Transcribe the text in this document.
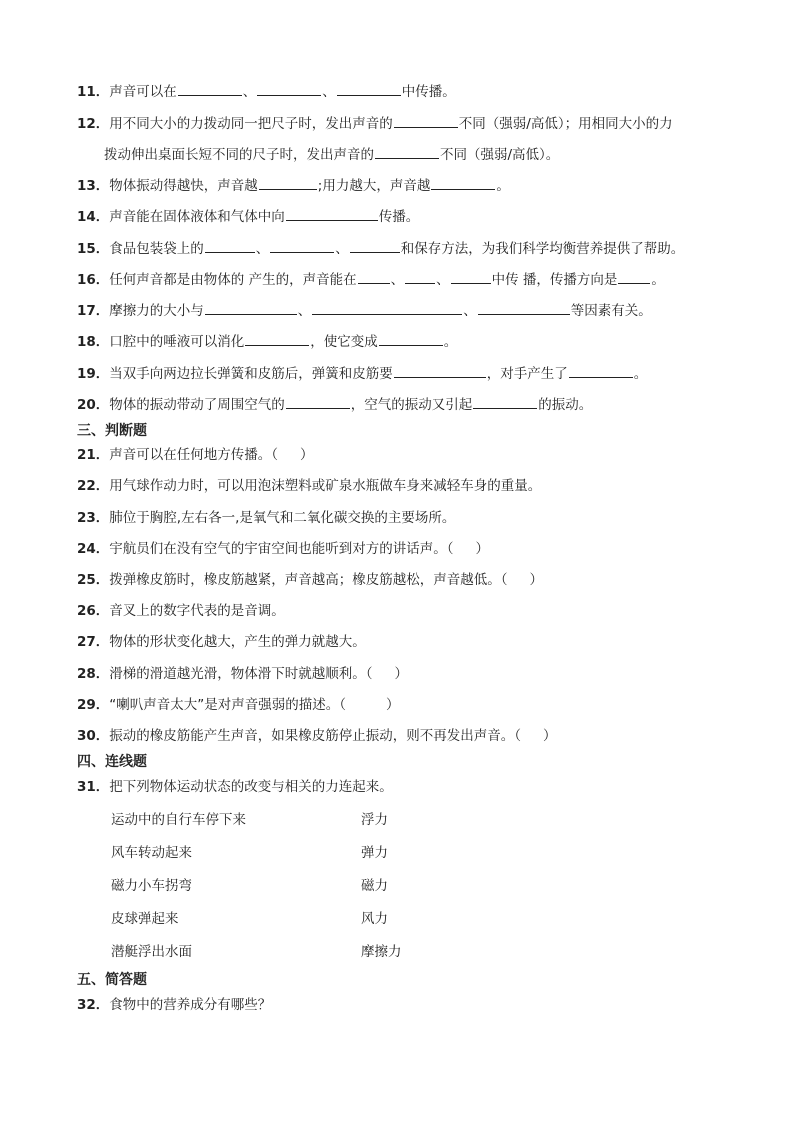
11．声音可以在	、	、	中传播。
12．用不同大小的力拨动同一把尺子时，发出声音的	不同（强弱/高低）；用相同大小的力
拨动伸出桌面长短不同的尺子时，发出声音的	不同（强弱/高低）。
13．物体振动得越快，声音越	;用力越大，声音越	。
14．声音能在固体液体和气体中向	传播。
15．食品包装袋上的	、	、	和保存方法，为我们科学均衡营养提供了帮助。
16．任何声音都是由物体的 产生的，声音能在	、 、	中传 播，传播方向是	。
17．摩擦力的大小与	、	、	等因素有关。
18．口腔中的唾液可以消化	，使它变成	。
19．当双手向两边拉长弹簧和皮筋后，弹簧和皮筋要	，对手产生了	。
20．物体的振动带动了周围空气的	，空气的振动又引起	的振动。
三、判断题
21．声音可以在任何地方传播。（ ）
22．用气球作动力时，可以用泡沫塑料或矿泉水瓶做车身来减轻车身的重量。
23．肺位于胸腔,左右各一,是氧气和二氧化碳交换的主要场所。
24．宇航员们在没有空气的宇宙空间也能听到对方的讲话声。（ ）
25．拨弹橡皮筋时，橡皮筋越紧，声音越高；橡皮筋越松，声音越低。（ ）
26．音叉上的数字代表的是音调。
27．物体的形状变化越大，产生的弹力就越大。
28．滑梯的滑道越光滑，物体滑下时就越顺利。（ ）
29．“喇叭声音太大”是对声音强弱的描述。（	）
30．振动的橡皮筋能产生声音，如果橡皮筋停止振动，则不再发出声音。（ ）
四、连线题
31．把下列物体运动状态的改变与相关的力连起来。
运动中的自行车停下来	浮力
风车转动起来	弹力
磁力小车拐弯	磁力
皮球弹起来	风力
潜艇浮出水面	摩擦力
五、简答题
32．食物中的营养成分有哪些？
